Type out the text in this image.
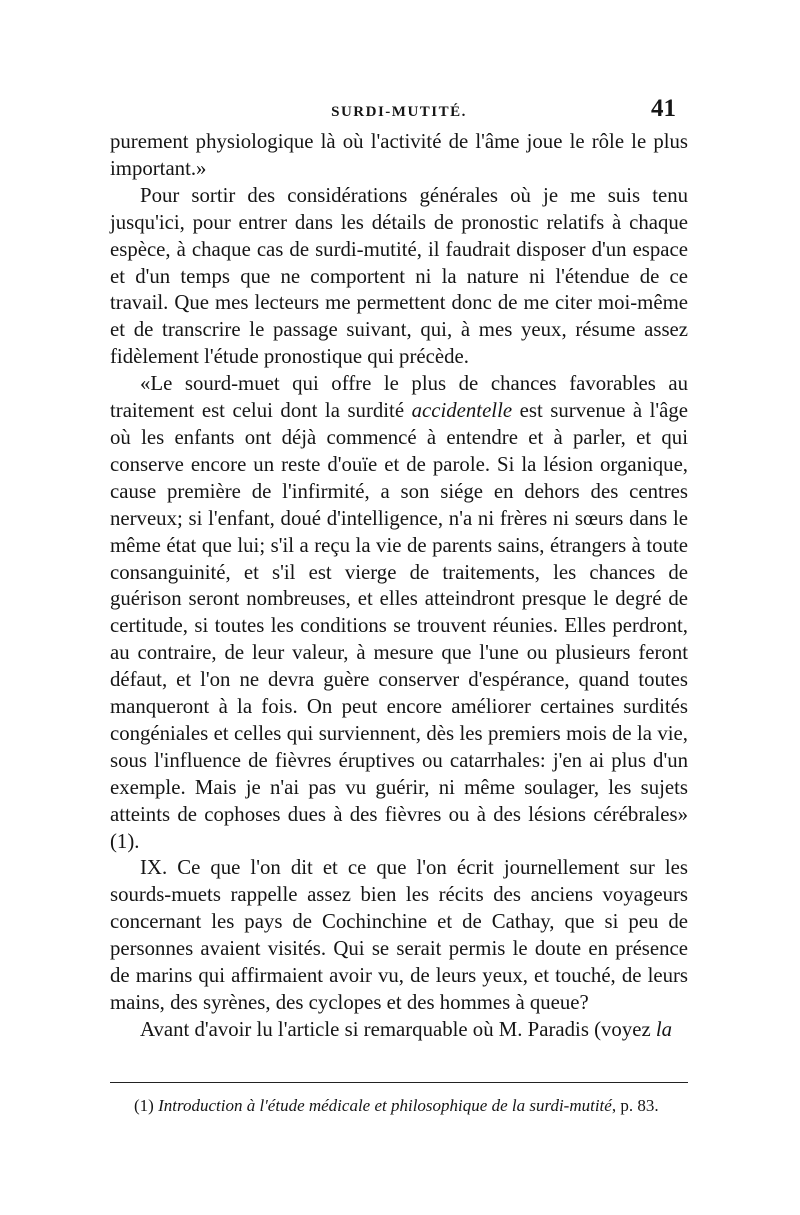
SURDI-MUTITÉ.	41

purement physiologique là où l'activité de l'âme joue le rôle le plus important.»

Pour sortir des considérations générales où je me suis tenu jusqu'ici, pour entrer dans les détails de pronostic relatifs à chaque espèce, à chaque cas de surdi-mutité, il faudrait disposer d'un espace et d'un temps que ne comportent ni la nature ni l'étendue de ce travail. Que mes lecteurs me permettent donc de me citer moi-même et de transcrire le passage suivant, qui, à mes yeux, résume assez fidèlement l'étude pronostique qui précède.

«Le sourd-muet qui offre le plus de chances favorables au traitement est celui dont la surdité accidentelle est survenue à l'âge où les enfants ont déjà commencé à entendre et à parler, et qui conserve encore un reste d'ouïe et de parole. Si la lésion organique, cause première de l'infirmité, a son siége en dehors des centres nerveux; si l'enfant, doué d'intelligence, n'a ni frères ni sœurs dans le même état que lui; s'il a reçu la vie de parents sains, étrangers à toute consanguinité, et s'il est vierge de traitements, les chances de guérison seront nombreuses, et elles atteindront presque le degré de certitude, si toutes les conditions se trouvent réunies. Elles perdront, au contraire, de leur valeur, à mesure que l'une ou plusieurs feront défaut, et l'on ne devra guère conserver d'espérance, quand toutes manqueront à la fois. On peut encore améliorer certaines surdités congéniales et celles qui surviennent, dès les premiers mois de la vie, sous l'influence de fièvres éruptives ou catarrhales: j'en ai plus d'un exemple. Mais je n'ai pas vu guérir, ni même soulager, les sujets atteints de cophoses dues à des fièvres ou à des lésions cérébrales» (1).

IX. Ce que l'on dit et ce que l'on écrit journellement sur les sourds-muets rappelle assez bien les récits des anciens voyageurs concernant les pays de Cochinchine et de Cathay, que si peu de personnes avaient visités. Qui se serait permis le doute en présence de marins qui affirmaient avoir vu, de leurs yeux, et touché, de leurs mains, des syrènes, des cyclopes et des hommes à queue?

Avant d'avoir lu l'article si remarquable où M. Paradis (voyez la

(1) Introduction à l'étude médicale et philosophique de la surdi-mutité, p. 83.
